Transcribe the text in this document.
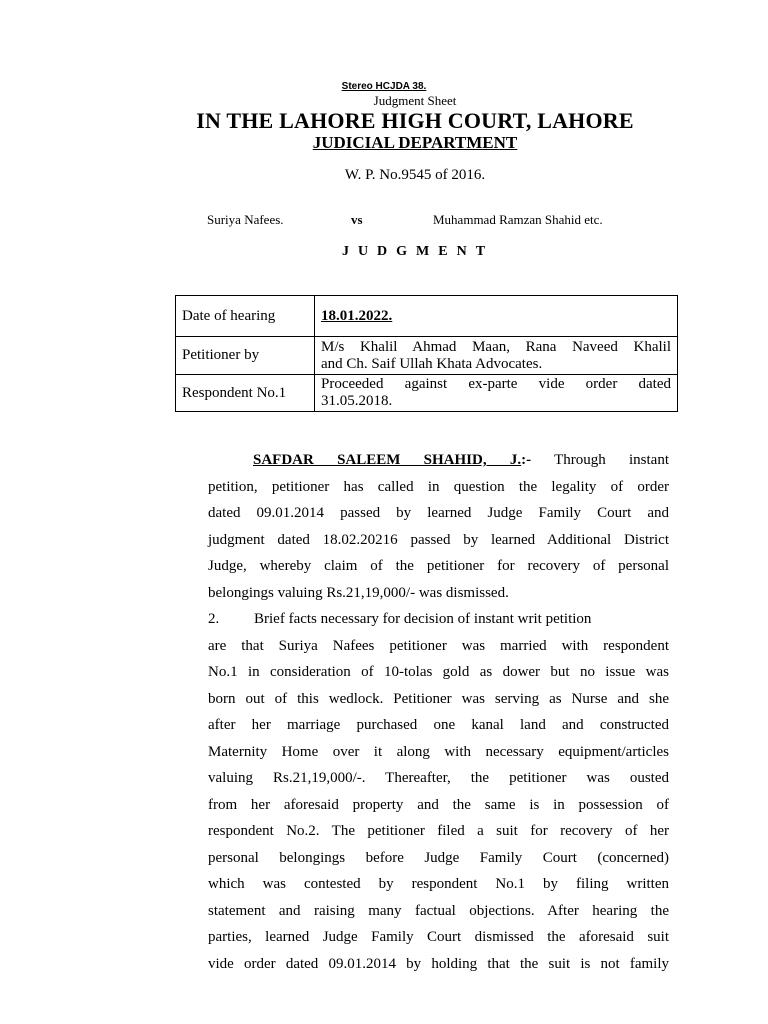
Stereo HCJDA 38.
Judgment Sheet
IN THE LAHORE HIGH COURT, LAHORE
JUDICIAL DEPARTMENT
W. P. No.9545 of 2016.
Suriya Nafees.	vs	Muhammad Ramzan Shahid etc.
JUDGMENT
Date of hearing	18.01.2022.
Petitioner by	M/s Khalil Ahmad Maan, Rana Naveed Khalil
and Ch. Saif Ullah Khata Advocates.

Respondent No.1	Proceeded against ex-parte vide order dated
31.05.2018.
SAFDAR SALEEM SHAHID, J.:- Through instant
petition, petitioner has called in question the legality of order
dated 09.01.2014 passed by learned Judge Family Court and
judgment dated 18.02.20216 passed by learned Additional District
Judge, whereby claim of the petitioner for recovery of personal
belongings valuing Rs.21,19,000/- was dismissed.
2. Brief facts necessary for decision of instant writ petition
are that Suriya Nafees petitioner was married with respondent
No.1 in consideration of 10-tolas gold as dower but no issue was
born out of this wedlock. Petitioner was serving as Nurse and she
after her marriage purchased one kanal land and constructed
Maternity Home over it along with necessary equipment/articles
valuing Rs.21,19,000/-. Thereafter, the petitioner was ousted
from her aforesaid property and the same is in possession of
respondent No.2. The petitioner filed a suit for recovery of her
personal belongings before Judge Family Court (concerned)
which was contested by respondent No.1 by filing written
statement and raising many factual objections. After hearing the
parties, learned Judge Family Court dismissed the aforesaid suit
vide order dated 09.01.2014 by holding that the suit is not family
